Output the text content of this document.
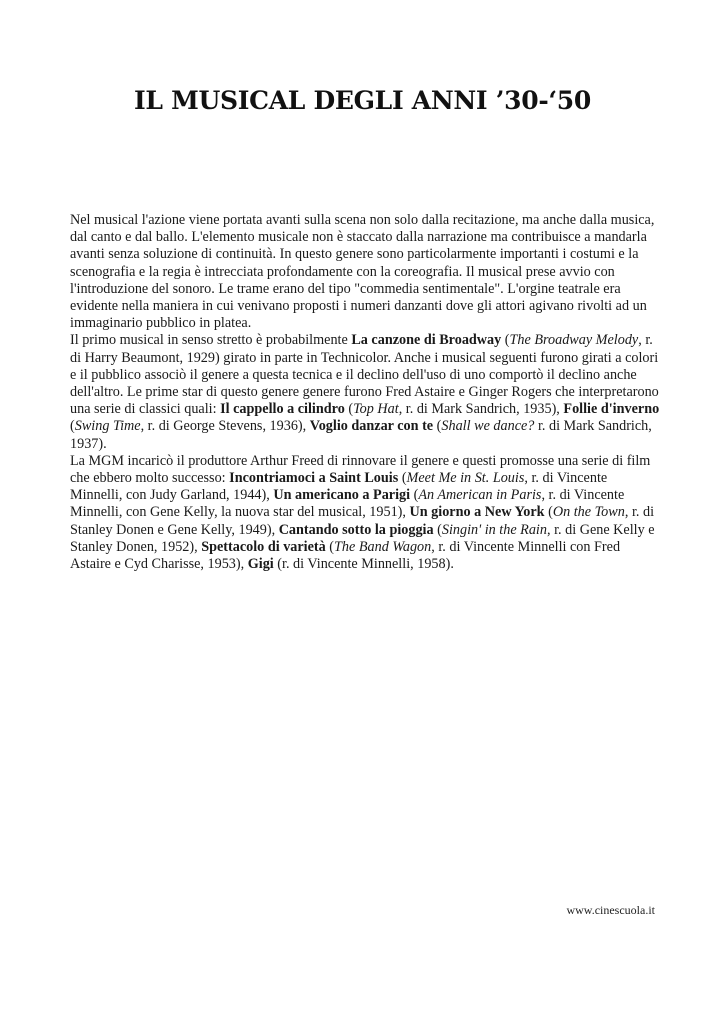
IL MUSICAL DEGLI ANNI ’30-‘50

Nel musical l'azione viene portata avanti sulla scena non solo dalla recitazione, ma anche dalla musica, dal canto e dal ballo. L'elemento musicale non è staccato dalla narrazione ma contribuisce a mandarla avanti senza soluzione di continuità. In questo genere sono particolarmente importanti i costumi e la scenografia e la regia è intrecciata profondamente con la coreografia. Il musical prese avvio con l'introduzione del sonoro. Le trame erano del tipo "commedia sentimentale". L'orgine teatrale era evidente nella maniera in cui venivano proposti i numeri danzanti dove gli attori agivano rivolti ad un immaginario pubblico in platea.

Il primo musical in senso stretto è probabilmente La canzone di Broadway (The Broadway Melody, r. di Harry Beaumont, 1929) girato in parte in Technicolor. Anche i musical seguenti furono girati a colori e il pubblico associò il genere a questa tecnica e il declino dell'uso di uno comportò il declino anche dell'altro. Le prime star di questo genere genere furono Fred Astaire e Ginger Rogers che interpretarono una serie di classici quali: Il cappello a cilindro (Top Hat, r. di Mark Sandrich, 1935), Follie d'inverno (Swing Time, r. di George Stevens, 1936), Voglio danzar con te (Shall we dance? r. di Mark Sandrich, 1937).

La MGM incaricò il produttore Arthur Freed di rinnovare il genere e questi promosse una serie di film che ebbero molto successo: Incontriamoci a Saint Louis (Meet Me in St. Louis, r. di Vincente Minnelli, con Judy Garland, 1944), Un americano a Parigi (An American in Paris, r. di Vincente Minnelli, con Gene Kelly, la nuova star del musical, 1951), Un giorno a New York (On the Town, r. di Stanley Donen e Gene Kelly, 1949), Cantando sotto la pioggia (Singin' in the Rain, r. di Gene Kelly e Stanley Donen, 1952), Spettacolo di varietà (The Band Wagon, r. di Vincente Minnelli con Fred Astaire e Cyd Charisse, 1953), Gigi (r. di Vincente Minnelli, 1958).

www.cinescuola.it
